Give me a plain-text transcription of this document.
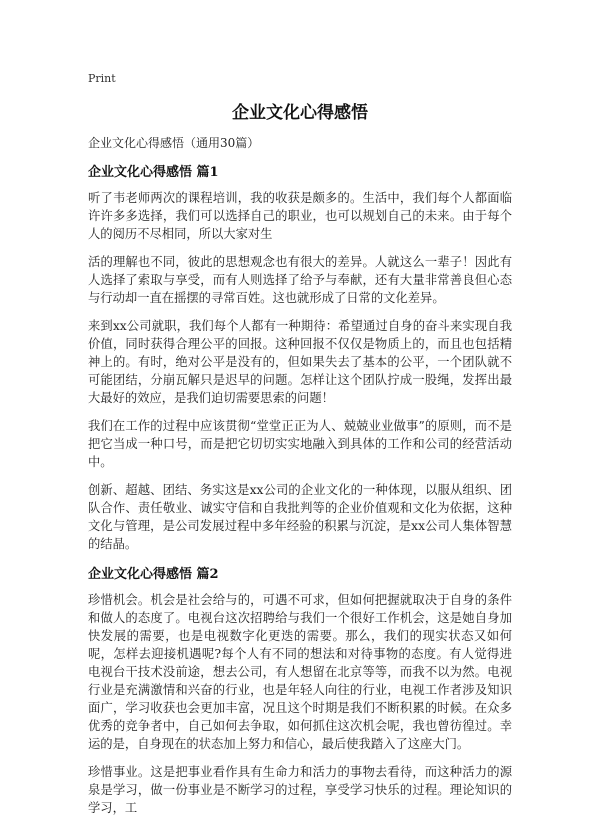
Print
企业文化心得感悟
企业文化心得感悟（通用30篇）
企业文化心得感悟 篇1

听了韦老师两次的课程培训，我的收获是颇多的。生活中，我们每个人都面临许许多多选择，我们可以选择自己的职业，也可以规划自己的未来。由于每个人的阅历不尽相同，所以大家对生

活的理解也不同，彼此的思想观念也有很大的差异。人就这么一辈子！因此有人选择了索取与享受，而有人则选择了给予与奉献，还有大量非常善良但心态与行动却一直在摇摆的寻常百姓。这也就形成了日常的文化差异。

来到xx公司就职，我们每个人都有一种期待：希望通过自身的奋斗来实现自我价值，同时获得合理公平的回报。这种回报不仅仅是物质上的，而且也包括精神上的。有时，绝对公平是没有的，但如果失去了基本的公平，一个团队就不可能团结，分崩瓦解只是迟早的问题。怎样让这个团队拧成一股绳，发挥出最大最好的效应，是我们迫切需要思索的问题！

我们在工作的过程中应该贯彻“堂堂正正为人、兢兢业业做事”的原则，而不是把它当成一种口号，而是把它切切实实地融入到具体的工作和公司的经营活动中。

创新、超越、团结、务实这是xx公司的企业文化的一种体现，以服从组织、团队合作、责任敬业、诚实守信和自我批判等的企业价值观和文化为依据，这种文化与管理，是公司发展过程中多年经验的积累与沉淀，是xx公司人集体智慧的结晶。

企业文化心得感悟 篇2

珍惜机会。机会是社会给与的，可遇不可求，但如何把握就取决于自身的条件和做人的态度了。电视台这次招聘给与我们一个很好工作机会，这是她自身加快发展的需要，也是电视数字化更迭的需要。那么，我们的现实状态又如何呢，怎样去迎接机遇呢?每个人有不同的想法和对待事物的态度。有人觉得进电视台干技术没前途，想去公司，有人想留在北京等等，而我不以为然。电视行业是充满激情和兴奋的行业，也是年轻人向往的行业，电视工作者涉及知识面广，学习收获也会更加丰富，况且这个时期是我们不断积累的时候。在众多优秀的竞争者中，自己如何去争取，如何抓住这次机会呢，我也曾彷徨过。幸运的是，自身现在的状态加上努力和信心，最后使我踏入了这座大门。

珍惜事业。这是把事业看作具有生命力和活力的事物去看待，而这种活力的源泉是学习，做一份事业是不断学习的过程，享受学习快乐的过程。理论知识的学习，工
